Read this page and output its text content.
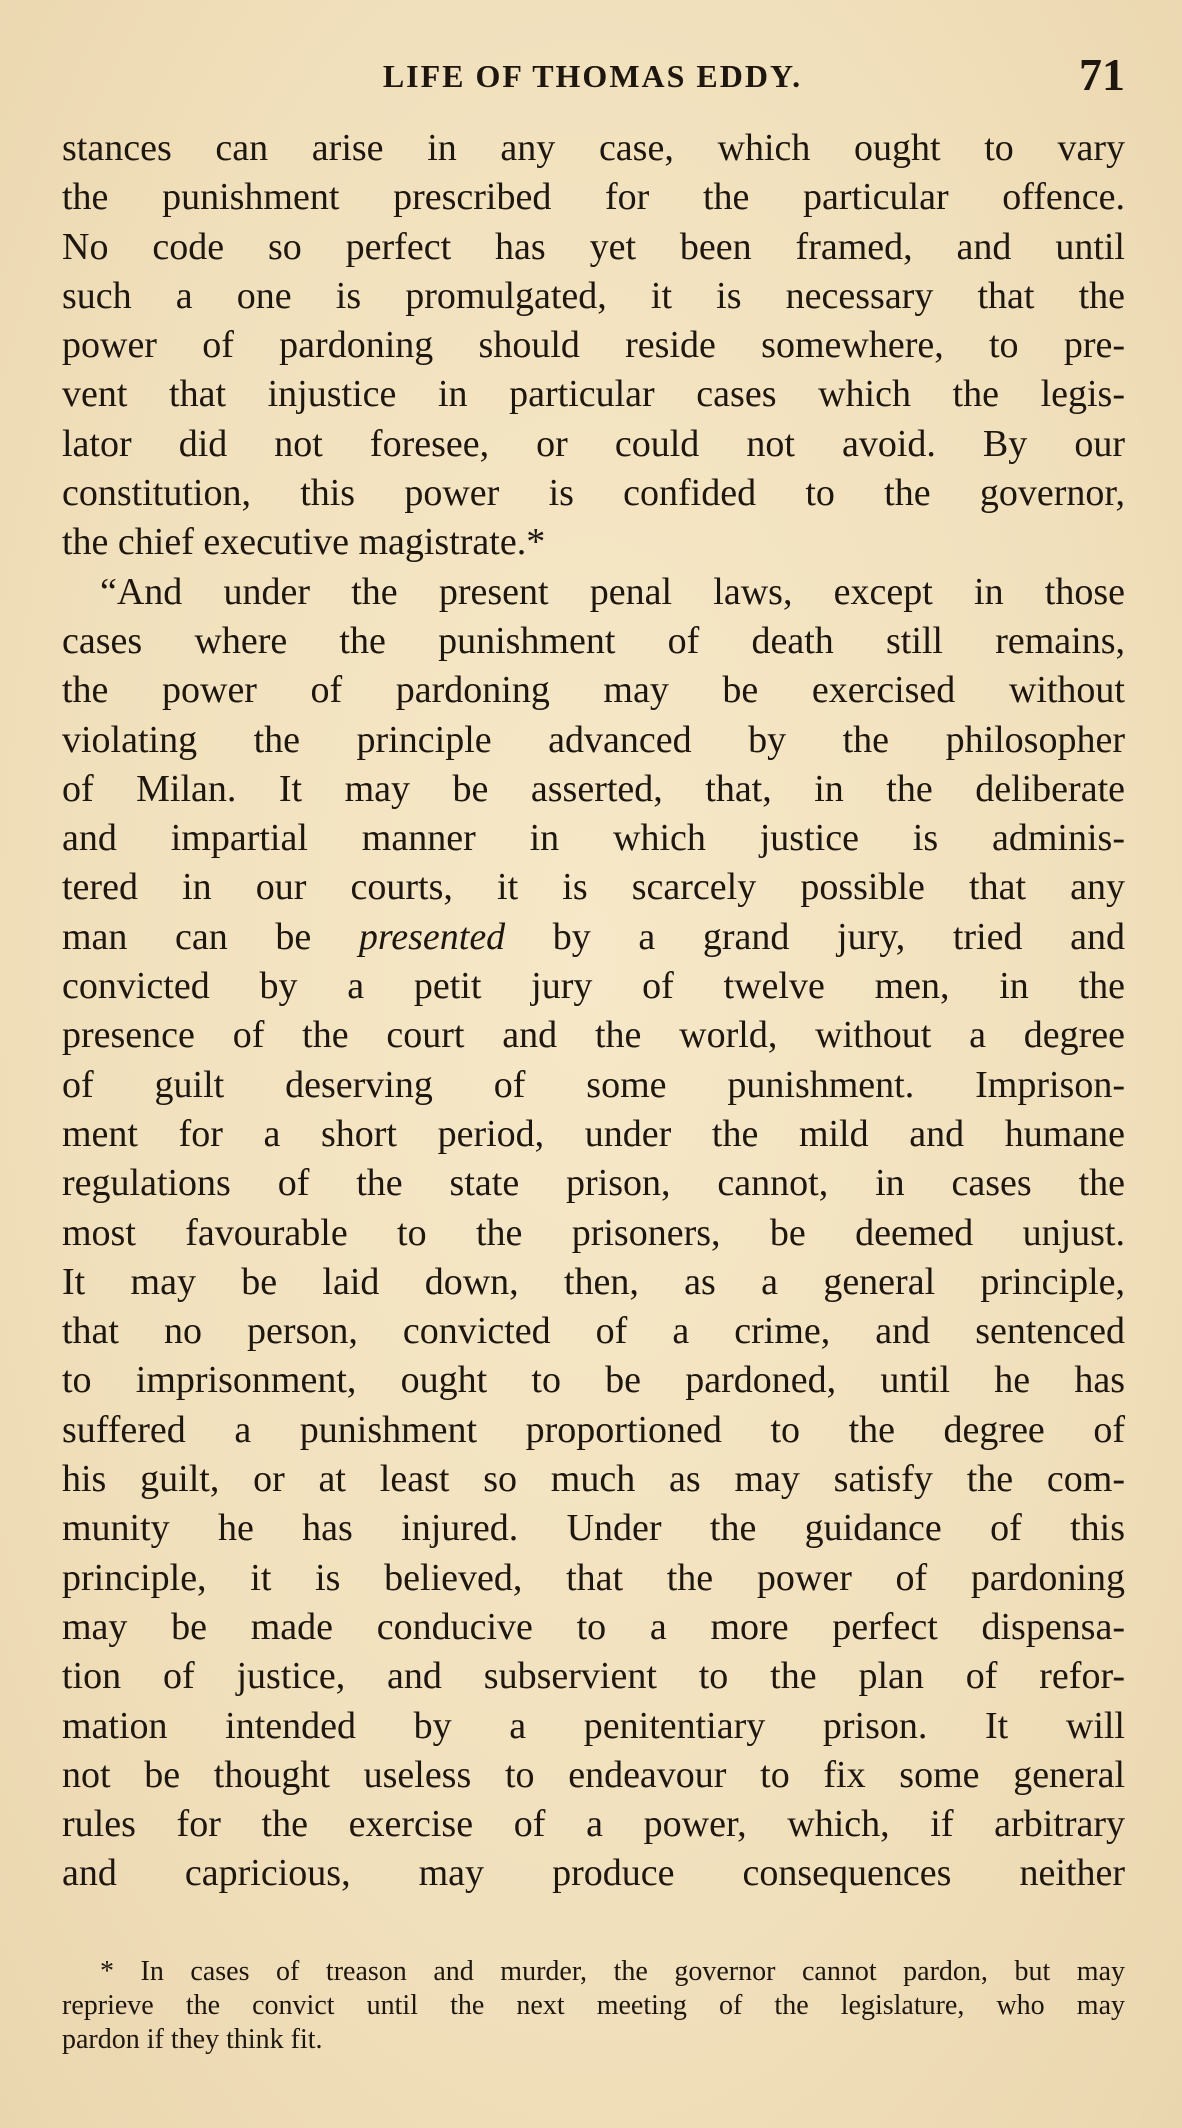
LIFE OF THOMAS EDDY.	71
stances can arise in any case, which ought to vary
the punishment prescribed for the particular offence.
No code so perfect has yet been framed, and until
such a one is promulgated, it is necessary that the
power of pardoning should reside somewhere, to pre-
vent that injustice in particular cases which the legis-
lator did not foresee, or could not avoid. By our
constitution, this power is confided to the governor,
the chief executive magistrate.*
“And under the present penal laws, except in those
cases where the punishment of death still remains,
the power of pardoning may be exercised without
violating the principle advanced by the philosopher
of Milan. It may be asserted, that, in the deliberate
and impartial manner in which justice is adminis-
tered in our courts, it is scarcely possible that any
man can be presented by a grand jury, tried and
convicted by a petit jury of twelve men, in the
presence of the court and the world, without a degree
of guilt deserving of some punishment. Imprison-
ment for a short period, under the mild and humane
regulations of the state prison, cannot, in cases the
most favourable to the prisoners, be deemed unjust.
It may be laid down, then, as a general principle,
that no person, convicted of a crime, and sentenced
to imprisonment, ought to be pardoned, until he has
suffered a punishment proportioned to the degree of
his guilt, or at least so much as may satisfy the com-
munity he has injured. Under the guidance of this
principle, it is believed, that the power of pardoning
may be made conducive to a more perfect dispensa-
tion of justice, and subservient to the plan of refor-
mation intended by a penitentiary prison. It will
not be thought useless to endeavour to fix some general
rules for the exercise of a power, which, if arbitrary
and capricious, may produce consequences neither
* In cases of treason and murder, the governor cannot pardon, but may
reprieve the convict until the next meeting of the legislature, who may
pardon if they think fit.
